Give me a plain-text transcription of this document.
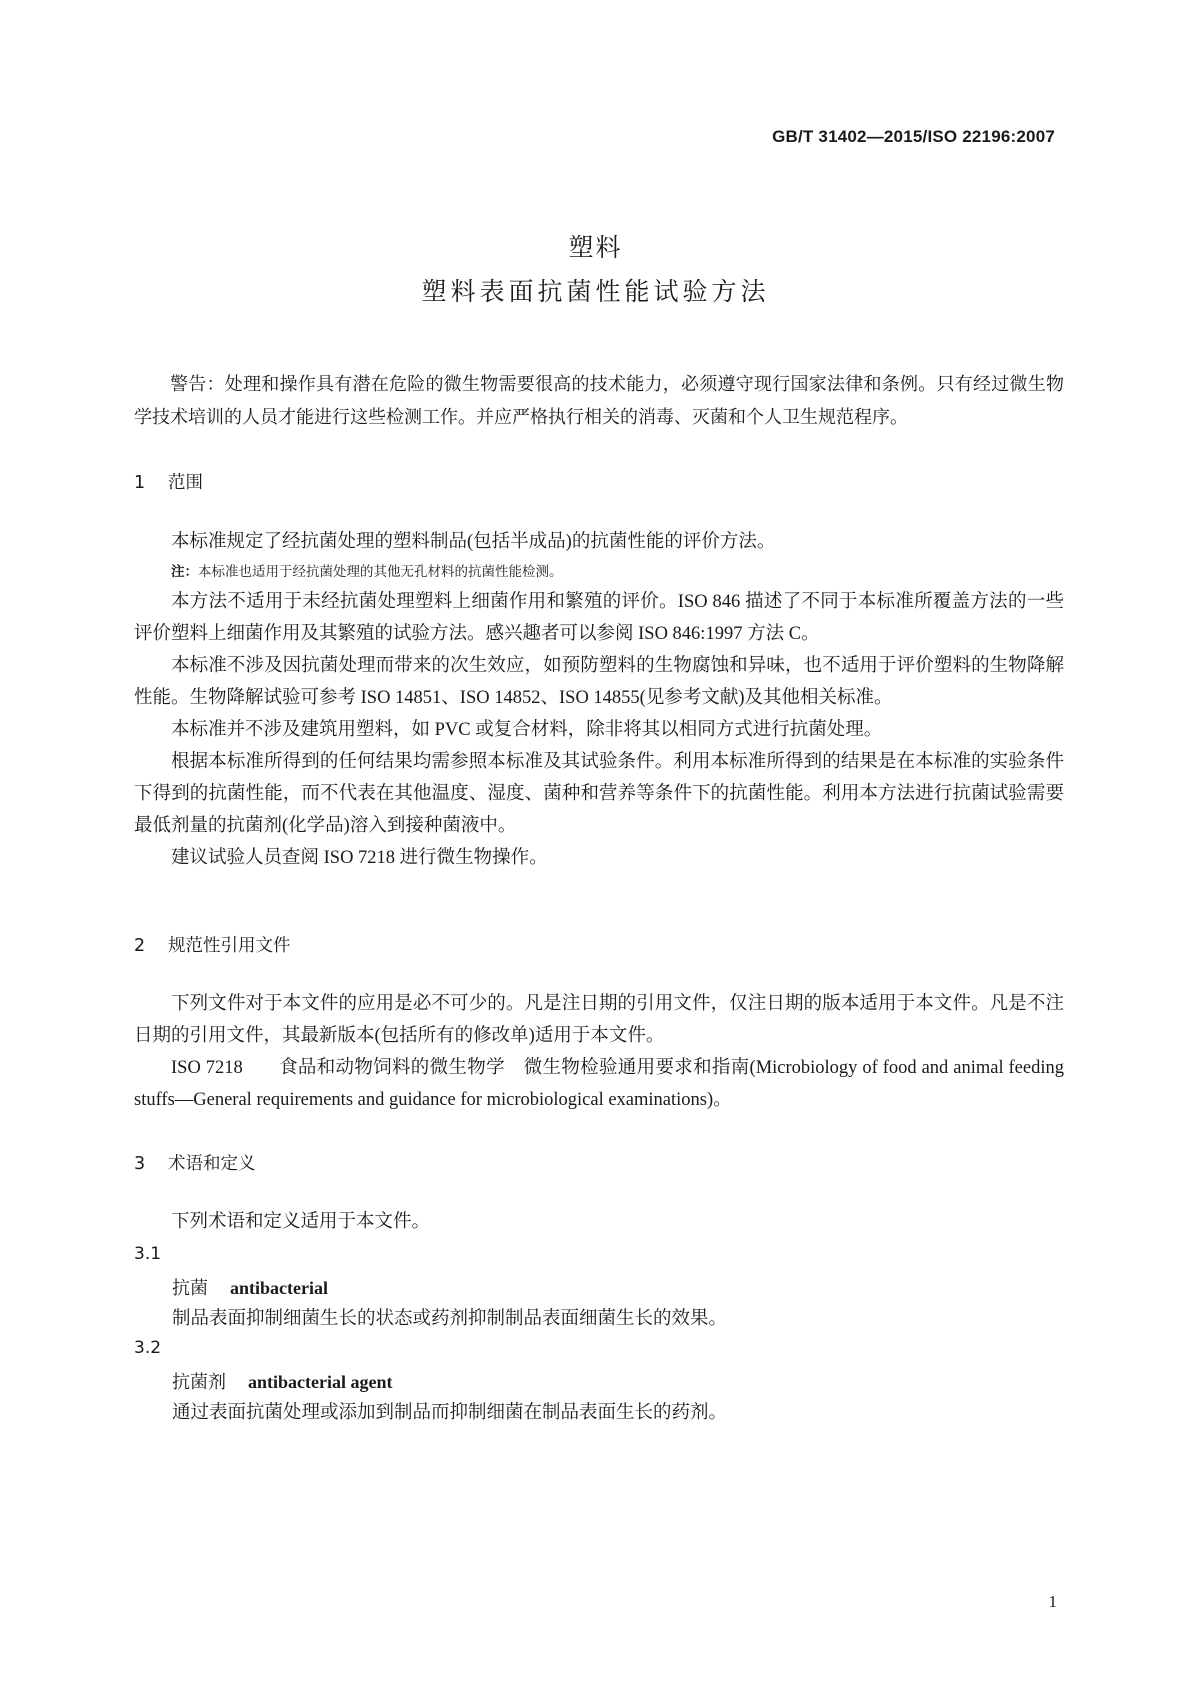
GB/T 31402—2015/ISO 22196:2007
塑料
塑料表面抗菌性能试验方法
警告：处理和操作具有潜在危险的微生物需要很高的技术能力，必须遵守现行国家法律和条例。只有经过微生物学技术培训的人员才能进行这些检测工作。并应严格执行相关的消毒、灭菌和个人卫生规范程序。
1 范围

本标准规定了经抗菌处理的塑料制品(包括半成品)的抗菌性能的评价方法。

注：本标准也适用于经抗菌处理的其他无孔材料的抗菌性能检测。

本方法不适用于未经抗菌处理塑料上细菌作用和繁殖的评价。ISO 846 描述了不同于本标准所覆盖方法的一些评价塑料上细菌作用及其繁殖的试验方法。感兴趣者可以参阅 ISO 846:1997 方法 C。

本标准不涉及因抗菌处理而带来的次生效应，如预防塑料的生物腐蚀和异味，也不适用于评价塑料的生物降解性能。生物降解试验可参考 ISO 14851、ISO 14852、ISO 14855(见参考文献)及其他相关标准。

本标准并不涉及建筑用塑料，如 PVC 或复合材料，除非将其以相同方式进行抗菌处理。

根据本标准所得到的任何结果均需参照本标准及其试验条件。利用本标准所得到的结果是在本标准的实验条件下得到的抗菌性能，而不代表在其他温度、湿度、菌种和营养等条件下的抗菌性能。利用本方法进行抗菌试验需要最低剂量的抗菌剂(化学品)溶入到接种菌液中。

建议试验人员查阅 ISO 7218 进行微生物操作。

2 规范性引用文件

下列文件对于本文件的应用是必不可少的。凡是注日期的引用文件，仅注日期的版本适用于本文件。凡是不注日期的引用文件，其最新版本(包括所有的修改单)适用于本文件。

ISO 7218 食品和动物饲料的微生物学　微生物检验通用要求和指南(Microbiology of food and animal feeding stuffs—General requirements and guidance for microbiological examinations)。

3 术语和定义

下列术语和定义适用于本文件。

3.1
抗菌 antibacterial
制品表面抑制细菌生长的状态或药剂抑制制品表面细菌生长的效果。
3.2
抗菌剂 antibacterial agent
通过表面抗菌处理或添加到制品而抑制细菌在制品表面生长的药剂。
1
